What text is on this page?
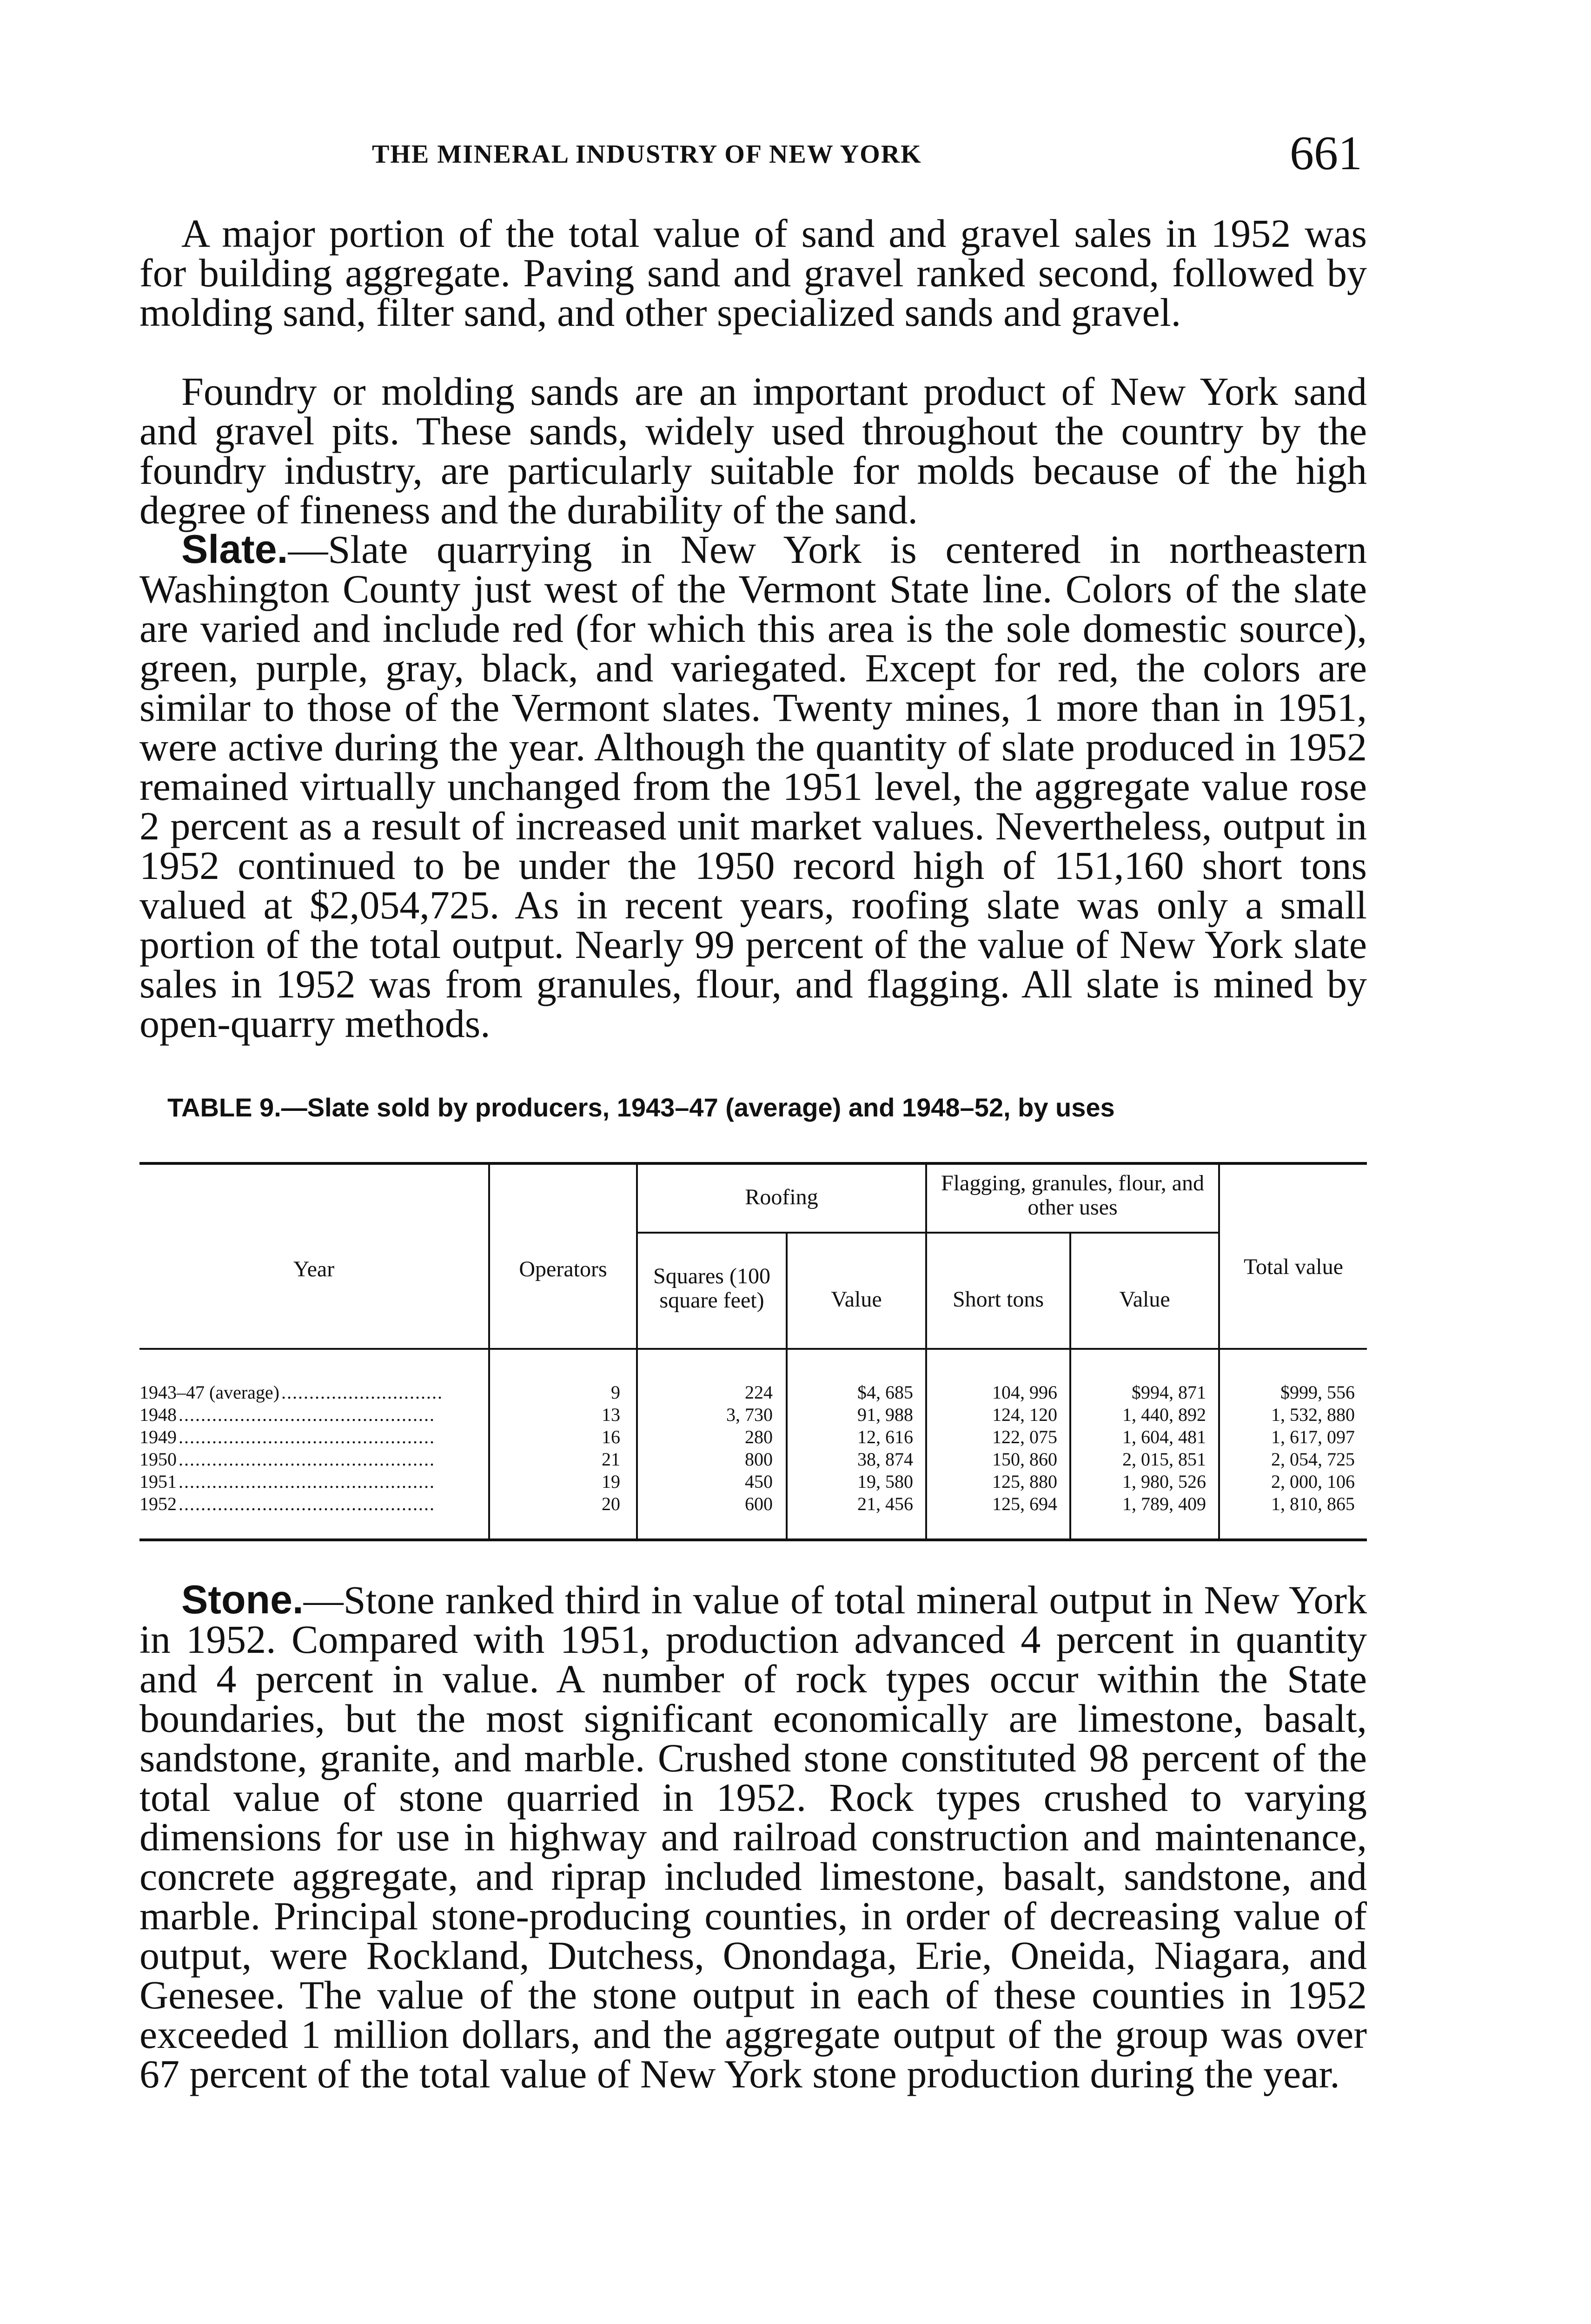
THE MINERAL INDUSTRY OF NEW YORK	661

A major portion of the total value of sand and gravel sales in 1952 was for building aggregate. Paving sand and gravel ranked second, followed by molding sand, filter sand, and other specialized sands and gravel.

Foundry or molding sands are an important product of New York sand and gravel pits. These sands, widely used throughout the country by the foundry industry, are particularly suitable for molds because of the high degree of fineness and the durability of the sand.

Slate.—Slate quarrying in New York is centered in northeastern Washington County just west of the Vermont State line. Colors of the slate are varied and include red (for which this area is the sole domestic source), green, purple, gray, black, and variegated. Except for red, the colors are similar to those of the Vermont slates. Twenty mines, 1 more than in 1951, were active during the year. Although the quantity of slate produced in 1952 remained virtually unchanged from the 1951 level, the aggregate value rose 2 percent as a result of increased unit market values. Nevertheless, output in 1952 continued to be under the 1950 record high of 151,160 short tons valued at $2,054,725. As in recent years, roofing slate was only a small portion of the total output. Nearly 99 percent of the value of New York slate sales in 1952 was from granules, flour, and flagging. All slate is mined by open-quarry methods.

TABLE 9.—Slate sold by producers, 1943–47 (average) and 1948–52, by uses
Year	Operators
Roofing
Flagging, granules, flour, and other uses
Total value
Squares (100 square feet)	Value	Short tons	Value
1943–47 (average) .............................	9	224	$4, 685	104, 996	$994, 871	$999, 556
1948 ..............................................	13	3, 730	91, 988	124, 120	1, 440, 892	1, 532, 880
1949 ..............................................	16	280	12, 616	122, 075	1, 604, 481	1, 617, 097
1950 ..............................................	21	800	38, 874	150, 860	2, 015, 851	2, 054, 725
1951 ..............................................	19	450	19, 580	125, 880	1, 980, 526	2, 000, 106
1952 ..............................................	20	600	21, 456	125, 694	1, 789, 409	1, 810, 865

Stone.—Stone ranked third in value of total mineral output in New York in 1952. Compared with 1951, production advanced 4 percent in quantity and 4 percent in value. A number of rock types occur within the State boundaries, but the most significant economically are limestone, basalt, sandstone, granite, and marble. Crushed stone constituted 98 percent of the total value of stone quarried in 1952. Rock types crushed to varying dimensions for use in highway and railroad construction and maintenance, concrete aggregate, and riprap included limestone, basalt, sandstone, and marble. Principal stone-producing counties, in order of decreasing value of output, were Rockland, Dutchess, Onondaga, Erie, Oneida, Niagara, and Genesee. The value of the stone output in each of these counties in 1952 exceeded 1 million dollars, and the aggregate output of the group was over 67 percent of the total value of New York stone production during the year.
